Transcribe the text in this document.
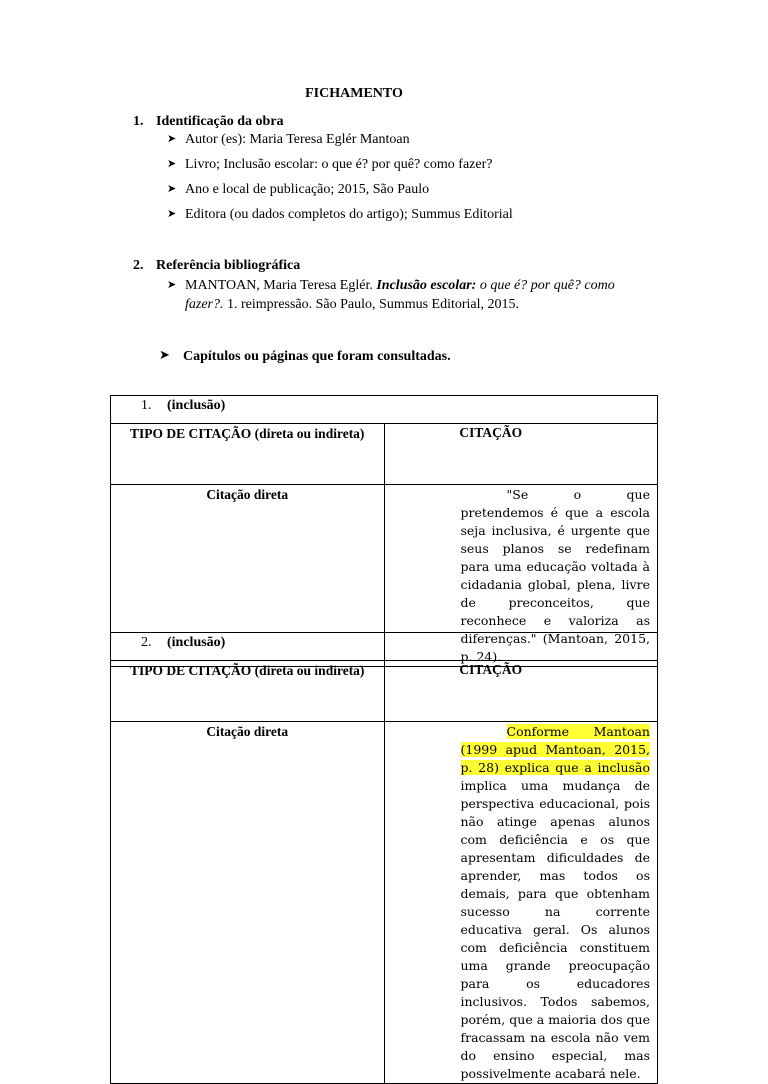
FICHAMENTO
1. Identificação da obra
➤ Autor (es): Maria Teresa Eglér Mantoan
➤ Livro; Inclusão escolar: o que é? por quê? como fazer?
➤ Ano e local de publicação; 2015, São Paulo
➤ Editora (ou dados completos do artigo); Summus Editorial
2. Referência bibliográfica
➤ MANTOAN, Maria Teresa Eglér. Inclusão escolar: o que é? por quê? como
fazer?. 1. reimpressão. São Paulo, Summus Editorial, 2015.
➤ Capítulos ou páginas que foram consultadas.
1. (inclusão)	

TIPO DE CITAÇÃO (direta ou indireta)	CITAÇÃO

Citação direta	"Se o que pretendemos é que a escola seja inclusiva, é urgente que seus planos se redefinam para uma educação voltada à cidadania global, plena, livre de preconceitos, que reconhece e valoriza as diferenças." (Mantoan, 2015, p. 24).
2. (inclusão)	

TIPO DE CITAÇÃO (direta ou indireta)	CITAÇÃO

Citação direta	Conforme Mantoan (1999 apud Mantoan, 2015, p. 28) explica que a inclusão implica uma mudança de perspectiva educacional, pois não atinge apenas alunos com deficiência e os que apresentam dificuldades de aprender, mas todos os demais, para que obtenham sucesso na corrente educativa geral. Os alunos com deficiência constituem uma grande preocupação para os educadores inclusivos. Todos sabemos, porém, que a maioria dos que fracassam na escola não vem do ensino especial, mas possivelmente acabará nele.
